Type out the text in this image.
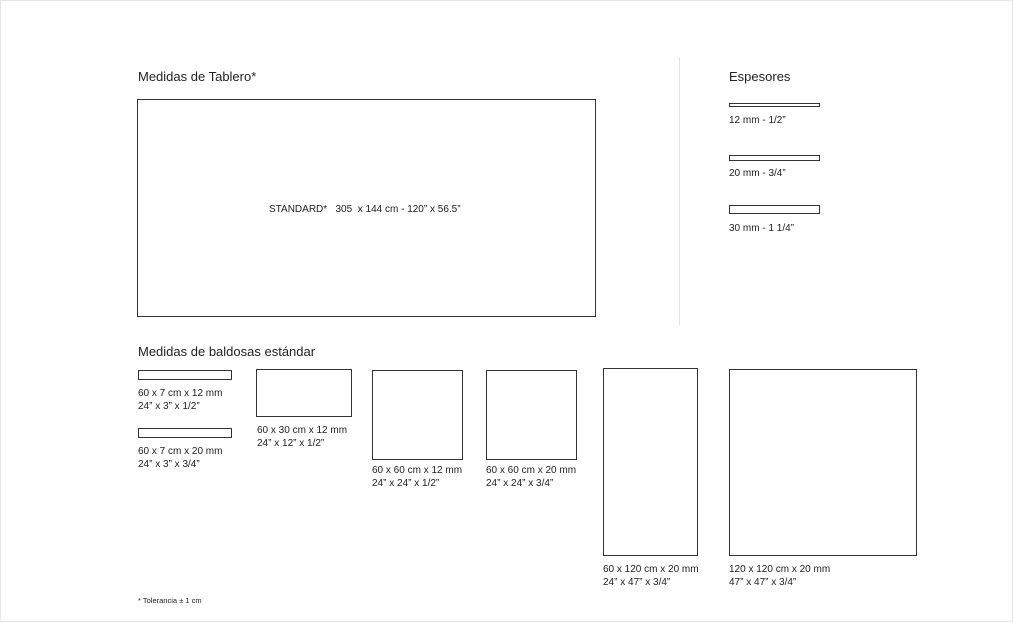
Medidas de Tablero*
STANDARD*   305  x 144 cm - 120” x 56.5”
Espesores
12 mm - 1/2”
20 mm - 3/4”
30 mm - 1 1/4”
Medidas de baldosas estándar
60 x 7 cm x 12 mm
24” x 3” x 1/2”
60 x 7 cm x 20 mm
24” x 3” x 3/4”
60 x 30 cm x 12 mm
24” x 12” x 1/2”
60 x 60 cm x 12 mm
24” x 24” x 1/2”
60 x 60 cm x 20 mm
24” x 24” x 3/4”
60 x 120 cm x 20 mm
24” x 47” x 3/4”
120 x 120 cm x 20 mm
47” x 47” x 3/4”
* Tolerancia ± 1 cm
